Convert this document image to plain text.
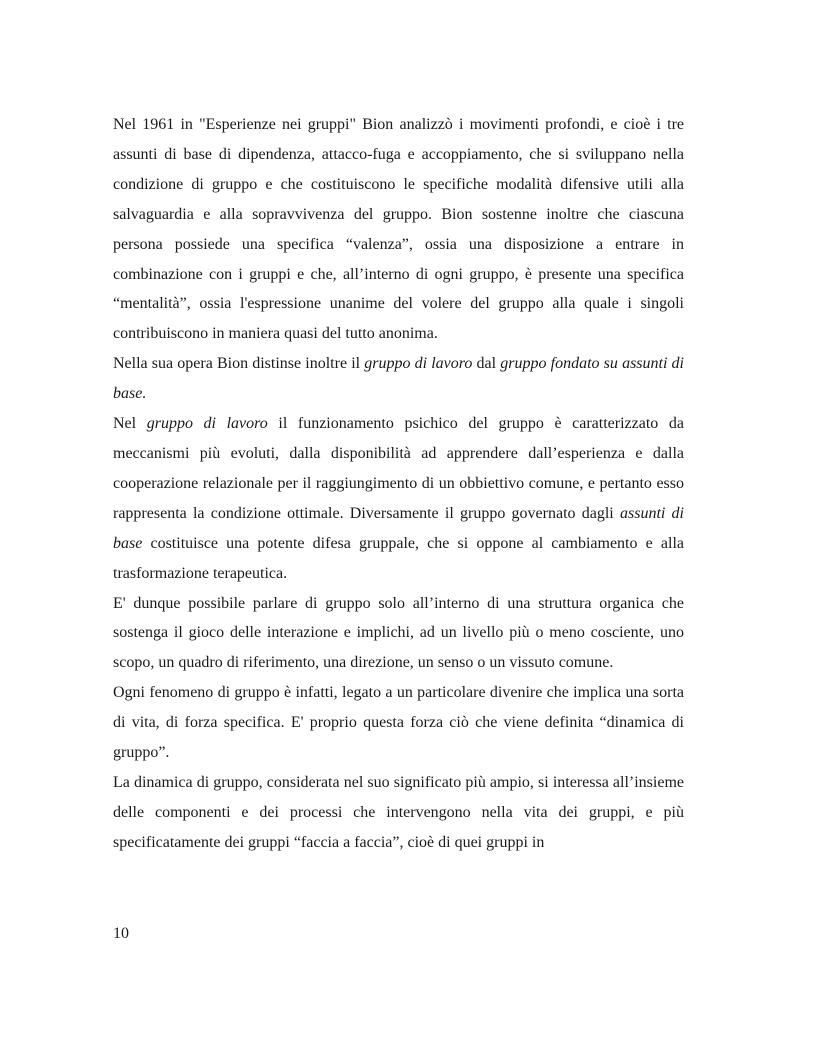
Nel 1961 in "Esperienze nei gruppi" Bion analizzò i movimenti profondi, e cioè i tre assunti di base di dipendenza, attacco-fuga e accoppiamento, che si sviluppano nella condizione di gruppo e che costituiscono le specifiche modalità difensive utili alla salvaguardia e alla sopravvivenza del gruppo. Bion sostenne inoltre che ciascuna persona possiede una specifica “valenza”, ossia una disposizione a entrare in combinazione con i gruppi e che, all’interno di ogni gruppo, è presente una specifica “mentalità”, ossia l'espressione unanime del volere del gruppo alla quale i singoli contribuiscono in maniera quasi del tutto anonima.

Nella sua opera Bion distinse inoltre il gruppo di lavoro dal gruppo fondato su assunti di base.

Nel gruppo di lavoro il funzionamento psichico del gruppo è caratterizzato da meccanismi più evoluti, dalla disponibilità ad apprendere dall’esperienza e dalla cooperazione relazionale per il raggiungimento di un obbiettivo comune, e pertanto esso rappresenta la condizione ottimale. Diversamente il gruppo governato dagli assunti di base costituisce una potente difesa gruppale, che si oppone al cambiamento e alla trasformazione terapeutica.

E' dunque possibile parlare di gruppo solo all’interno di una struttura organica che sostenga il gioco delle interazione e implichi, ad un livello più o meno cosciente, uno scopo, un quadro di riferimento, una direzione, un senso o un vissuto comune.

Ogni fenomeno di gruppo è infatti, legato a un particolare divenire che implica una sorta di vita, di forza specifica. E' proprio questa forza ciò che viene definita “dinamica di gruppo”.

La dinamica di gruppo, considerata nel suo significato più ampio, si interessa all’insieme delle componenti e dei processi che intervengono nella vita dei gruppi, e più specificatamente dei gruppi “faccia a faccia”, cioè di quei gruppi in

10
